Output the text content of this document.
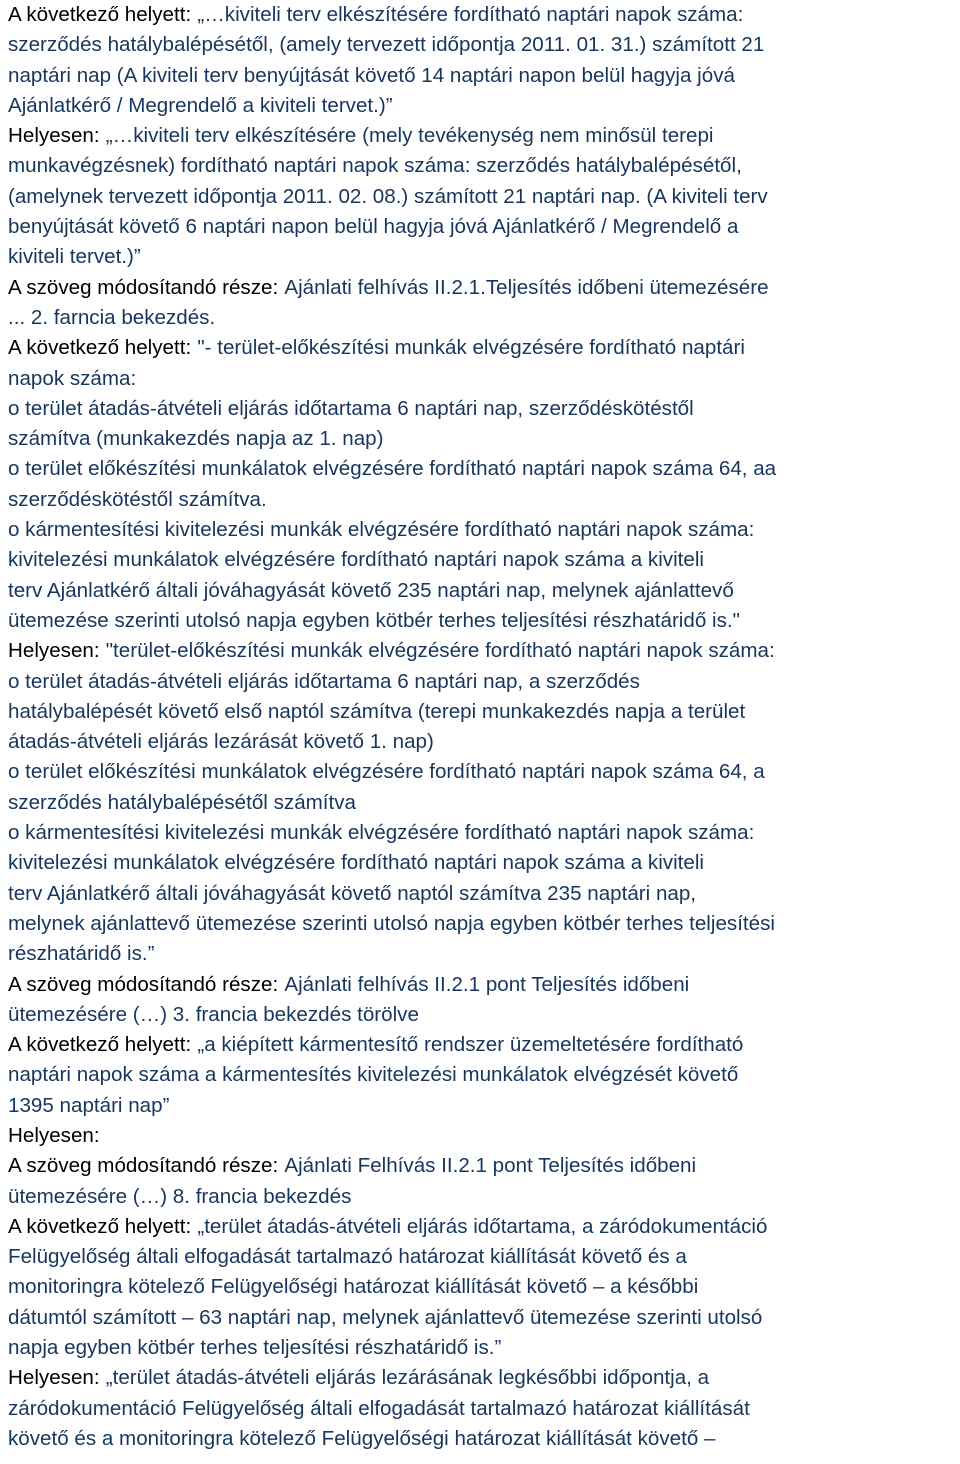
A következő helyett: „…kiviteli terv elkészítésére fordítható naptári napok száma:
szerződés hatálybalépésétől, (amely tervezett időpontja 2011. 01. 31.) számított 21
naptári nap (A kiviteli terv benyújtását követő 14 naptári napon belül hagyja jóvá
Ajánlatkérő / Megrendelő a kiviteli tervet.)”
Helyesen: „…kiviteli terv elkészítésére (mely tevékenység nem minősül terepi
munkavégzésnek) fordítható naptári napok száma: szerződés hatálybalépésétől,
(amelynek tervezett időpontja 2011. 02. 08.) számított 21 naptári nap. (A kiviteli terv
benyújtását követő 6 naptári napon belül hagyja jóvá Ajánlatkérő / Megrendelő a
kiviteli tervet.)”
A szöveg módosítandó része: Ajánlati felhívás II.2.1.Teljesítés időbeni ütemezésére
... 2. farncia bekezdés.
A következő helyett: "- terület-előkészítési munkák elvégzésére fordítható naptári
napok száma:
o terület átadás-átvételi eljárás időtartama 6 naptári nap, szerződéskötéstől
számítva (munkakezdés napja az 1. nap)
o terület előkészítési munkálatok elvégzésére fordítható naptári napok száma 64, aa
szerződéskötéstől számítva.
o kármentesítési kivitelezési munkák elvégzésére fordítható naptári napok száma:
kivitelezési munkálatok elvégzésére fordítható naptári napok száma a kiviteli
terv Ajánlatkérő általi jóváhagyását követő 235 naptári nap, melynek ajánlattevő
ütemezése szerinti utolsó napja egyben kötbér terhes teljesítési részhatáridő is."
Helyesen: "terület-előkészítési munkák elvégzésére fordítható naptári napok száma:
o terület átadás-átvételi eljárás időtartama 6 naptári nap, a szerződés
hatálybalépését követő első naptól számítva (terepi munkakezdés napja a terület
átadás-átvételi eljárás lezárását követő 1. nap)
o terület előkészítési munkálatok elvégzésére fordítható naptári napok száma 64, a
szerződés hatálybalépésétől számítva
o kármentesítési kivitelezési munkák elvégzésére fordítható naptári napok száma:
kivitelezési munkálatok elvégzésére fordítható naptári napok száma a kiviteli
terv Ajánlatkérő általi jóváhagyását követő naptól számítva 235 naptári nap,
melynek ajánlattevő ütemezése szerinti utolsó napja egyben kötbér terhes teljesítési
részhatáridő is.”
A szöveg módosítandó része: Ajánlati felhívás II.2.1 pont Teljesítés időbeni
ütemezésére (…) 3. francia bekezdés törölve
A következő helyett: „a kiépített kármentesítő rendszer üzemeltetésére fordítható
naptári napok száma a kármentesítés kivitelezési munkálatok elvégzését követő
1395 naptári nap”
Helyesen:
A szöveg módosítandó része: Ajánlati Felhívás II.2.1 pont Teljesítés időbeni
ütemezésére (…) 8. francia bekezdés
A következő helyett: „terület átadás-átvételi eljárás időtartama, a záródokumentáció
Felügyelőség általi elfogadását tartalmazó határozat kiállítását követő és a
monitoringra kötelező Felügyelőségi határozat kiállítását követő – a későbbi
dátumtól számított – 63 naptári nap, melynek ajánlattevő ütemezése szerinti utolsó
napja egyben kötbér terhes teljesítési részhatáridő is.”
Helyesen: „terület átadás-átvételi eljárás lezárásának legkésőbbi időpontja, a
záródokumentáció Felügyelőség általi elfogadását tartalmazó határozat kiállítását
követő és a monitoringra kötelező Felügyelőségi határozat kiállítását követő –
